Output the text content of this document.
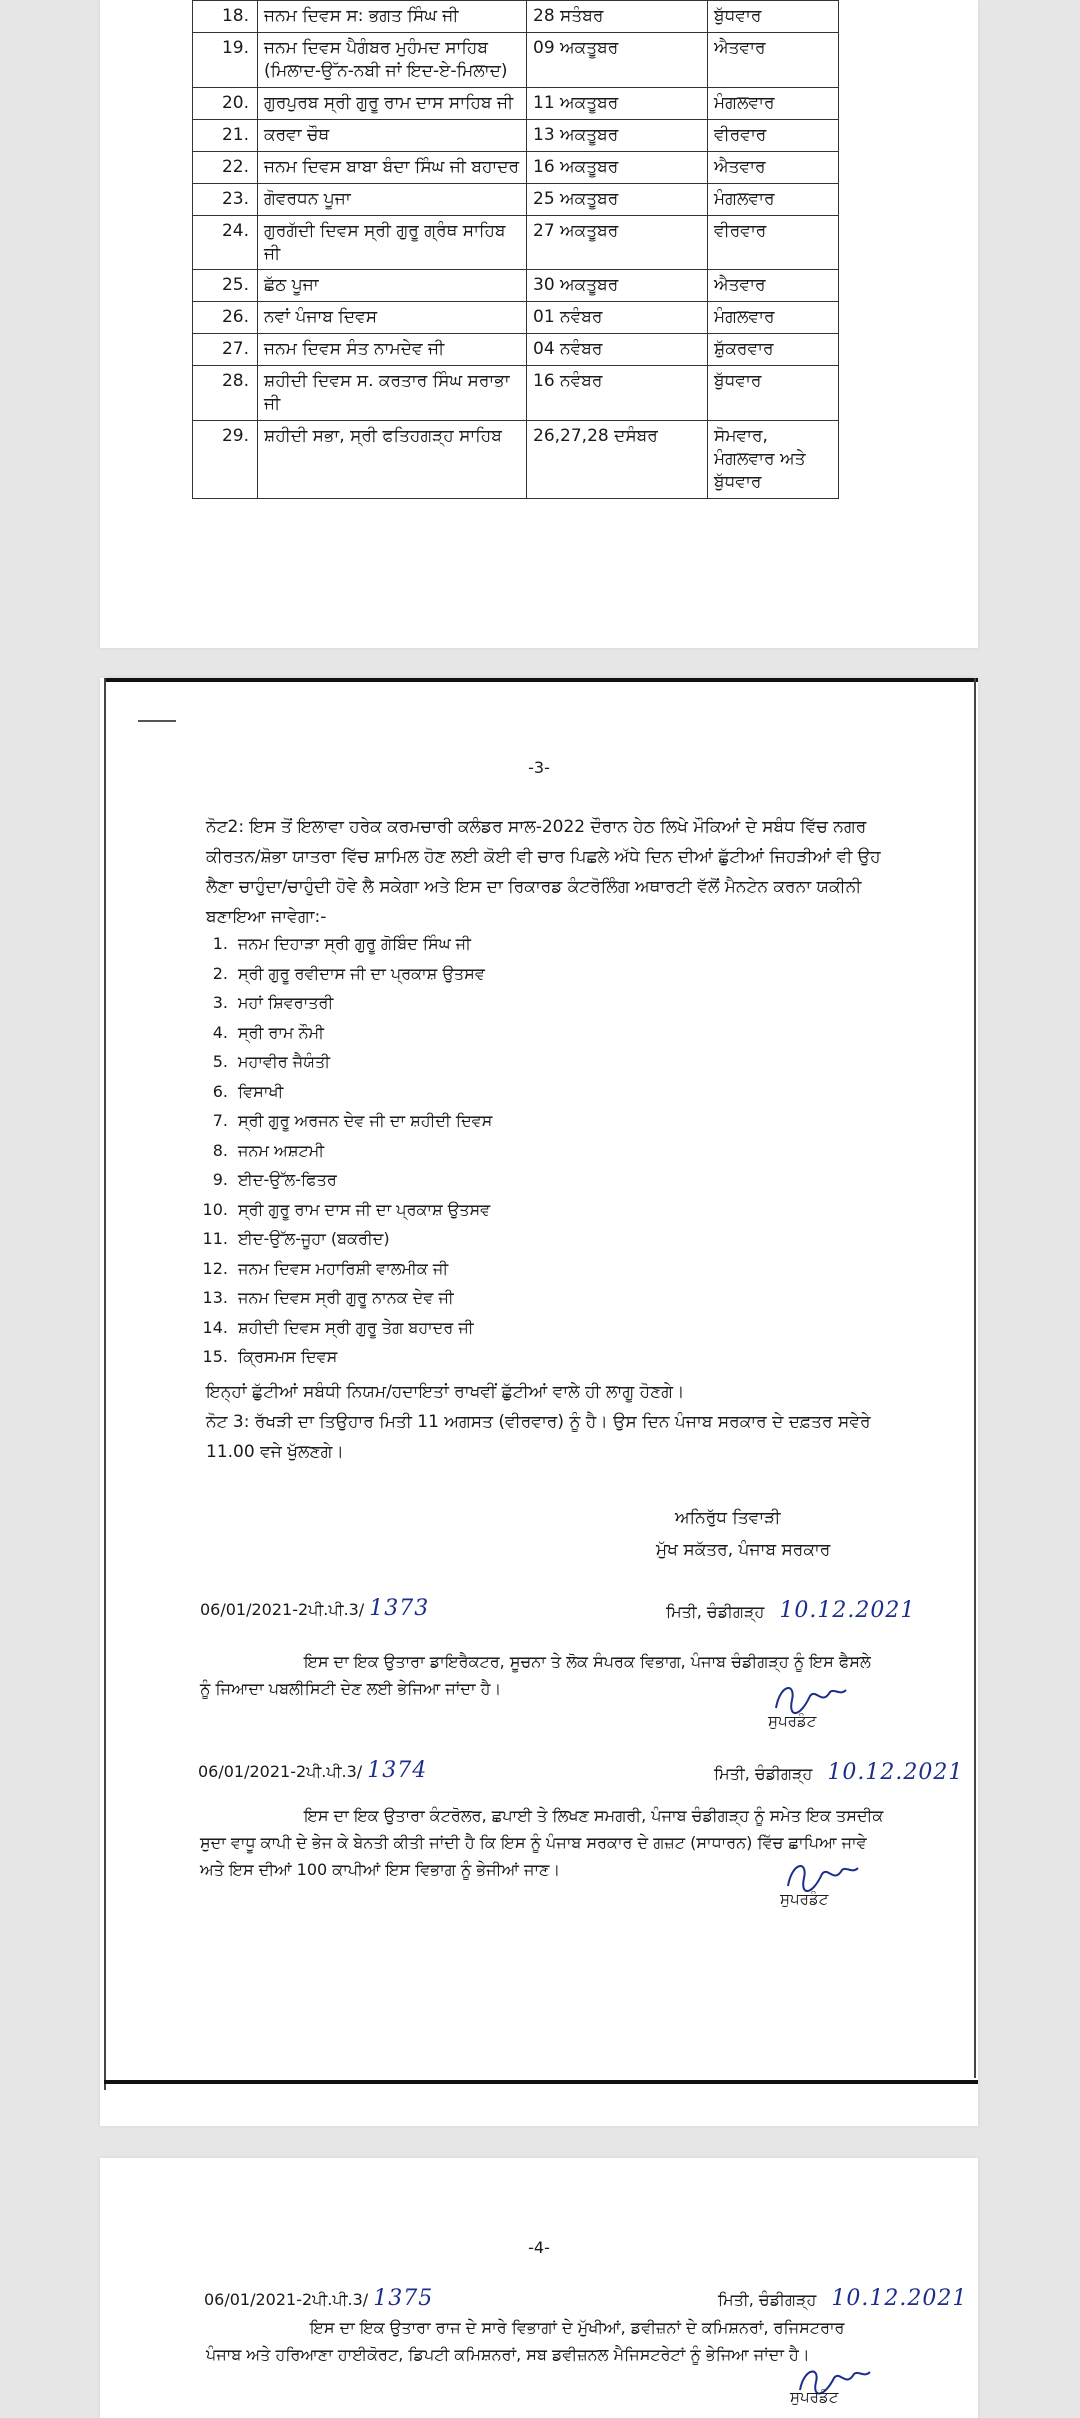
18.	ਜਨਮ ਦਿਵਸ ਸ: ਭਗਤ ਸਿੰਘ ਜੀ	28 ਸਤੰਬਰ	ਬੁੱਧਵਾਰ
19.	ਜਨਮ ਦਿਵਸ ਪੈਗੰਬਰ ਮੁਹੰਮਦ ਸਾਹਿਬ (ਮਿਲਾਦ-ਉੱਨ-ਨਬੀ ਜਾਂ ਇਦ-ਏ-ਮਿਲਾਦ)	09 ਅਕਤੂਬਰ	ਐਤਵਾਰ
20.	ਗੁਰਪੁਰਬ ਸ੍ਰੀ ਗੁਰੂ ਰਾਮ ਦਾਸ ਸਾਹਿਬ ਜੀ	11 ਅਕਤੂਬਰ	ਮੰਗਲਵਾਰ
21.	ਕਰਵਾ ਚੌਥ	13 ਅਕਤੂਬਰ	ਵੀਰਵਾਰ
22.	ਜਨਮ ਦਿਵਸ ਬਾਬਾ ਬੰਦਾ ਸਿੰਘ ਜੀ ਬਹਾਦਰ	16 ਅਕਤੂਬਰ	ਐਤਵਾਰ
23.	ਗੋਵਰਧਨ ਪੂਜਾ	25 ਅਕਤੂਬਰ	ਮੰਗਲਵਾਰ
24.	ਗੁਰਗੱਦੀ ਦਿਵਸ ਸ੍ਰੀ ਗੁਰੂ ਗ੍ਰੰਥ ਸਾਹਿਬ ਜੀ	27 ਅਕਤੂਬਰ	ਵੀਰਵਾਰ
25.	ਛੱਠ ਪੂਜਾ	30 ਅਕਤੂਬਰ	ਐਤਵਾਰ
26.	ਨਵਾਂ ਪੰਜਾਬ ਦਿਵਸ	01 ਨਵੰਬਰ	ਮੰਗਲਵਾਰ
27.	ਜਨਮ ਦਿਵਸ ਸੰਤ ਨਾਮਦੇਵ ਜੀ	04 ਨਵੰਬਰ	ਸ਼ੁੱਕਰਵਾਰ
28.	ਸ਼ਹੀਦੀ ਦਿਵਸ ਸ. ਕਰਤਾਰ ਸਿੰਘ ਸਰਾਭਾ ਜੀ	16 ਨਵੰਬਰ	ਬੁੱਧਵਾਰ
29.	ਸ਼ਹੀਦੀ ਸਭਾ, ਸ੍ਰੀ ਫਤਿਹਗੜ੍ਹ ਸਾਹਿਬ	26,27,28 ਦਸੰਬਰ	ਸੋਮਵਾਰ, ਮੰਗਲਵਾਰ ਅਤੇ ਬੁੱਧਵਾਰ
-3-
ਨੋਟ2: ਇਸ ਤੋਂ ਇਲਾਵਾ ਹਰੇਕ ਕਰਮਚਾਰੀ ਕਲੰਡਰ ਸਾਲ-2022 ਦੌਰਾਨ ਹੇਠ ਲਿਖੇ ਮੌਕਿਆਂ ਦੇ ਸਬੰਧ ਵਿੱਚ ਨਗਰ ਕੀਰਤਨ/ਸ਼ੋਭਾ ਯਾਤਰਾ ਵਿੱਚ ਸ਼ਾਮਿਲ ਹੋਣ ਲਈ ਕੋਈ ਵੀ ਚਾਰ ਪਿਛਲੇ ਅੱਧੇ ਦਿਨ ਦੀਆਂ ਛੁੱਟੀਆਂ ਜਿਹੜੀਆਂ ਵੀ ਉਹ ਲੈਣਾ ਚਾਹੁੰਦਾ/ਚਾਹੁੰਦੀ ਹੋਵੇ ਲੈ ਸਕੇਗਾ ਅਤੇ ਇਸ ਦਾ ਰਿਕਾਰਡ ਕੰਟਰੋਲਿੰਗ ਅਥਾਰਟੀ ਵੱਲੋਂ ਮੈਨਟੇਨ ਕਰਨਾ ਯਕੀਨੀ ਬਣਾਇਆ ਜਾਵੇਗਾ:-
1. ਜਨਮ ਦਿਹਾੜਾ ਸ੍ਰੀ ਗੁਰੂ ਗੋਬਿੰਦ ਸਿੰਘ ਜੀ
2. ਸ੍ਰੀ ਗੁਰੂ ਰਵੀਦਾਸ ਜੀ ਦਾ ਪ੍ਰਕਾਸ਼ ਉਤਸਵ
3. ਮਹਾਂ ਸ਼ਿਵਰਾਤਰੀ
4. ਸ੍ਰੀ ਰਾਮ ਨੌਮੀ
5. ਮਹਾਵੀਰ ਜੈਯੰਤੀ
6. ਵਿਸਾਖੀ
7. ਸ੍ਰੀ ਗੁਰੂ ਅਰਜਨ ਦੇਵ ਜੀ ਦਾ ਸ਼ਹੀਦੀ ਦਿਵਸ
8. ਜਨਮ ਅਸ਼ਟਮੀ
9. ਈਦ-ਉੱਲ-ਫਿਤਰ
10. ਸ੍ਰੀ ਗੁਰੂ ਰਾਮ ਦਾਸ ਜੀ ਦਾ ਪ੍ਰਕਾਸ਼ ਉਤਸਵ
11. ਈਦ-ਉੱਲ-ਜੂਹਾ (ਬਕਰੀਦ)
12. ਜਨਮ ਦਿਵਸ ਮਹਾਰਿਸ਼ੀ ਵਾਲਮੀਕ ਜੀ
13. ਜਨਮ ਦਿਵਸ ਸ੍ਰੀ ਗੁਰੂ ਨਾਨਕ ਦੇਵ ਜੀ
14. ਸ਼ਹੀਦੀ ਦਿਵਸ ਸ੍ਰੀ ਗੁਰੂ ਤੇਗ ਬਹਾਦਰ ਜੀ
15. ਕ੍ਰਿਸਮਸ ਦਿਵਸ
ਇਨ੍ਹਾਂ ਛੁੱਟੀਆਂ ਸਬੰਧੀ ਨਿਯਮ/ਹਦਾਇਤਾਂ ਰਾਖਵੀਂ ਛੁੱਟੀਆਂ ਵਾਲੇ ਹੀ ਲਾਗੂ ਹੋਣਗੇ।
ਨੋਟ 3: ਰੱਖੜੀ ਦਾ ਤਿਉਹਾਰ ਮਿਤੀ 11 ਅਗਸਤ (ਵੀਰਵਾਰ) ਨੂੰ ਹੈ। ਉਸ ਦਿਨ ਪੰਜਾਬ ਸਰਕਾਰ ਦੇ ਦਫ਼ਤਰ ਸਵੇਰੇ 11.00 ਵਜੇ ਖੁੱਲਣਗੇ।
ਅਨਿਰੁੱਧ ਤਿਵਾੜੀ
ਮੁੱਖ ਸਕੱਤਰ, ਪੰਜਾਬ ਸਰਕਾਰ
06/01/2021-2ਪੀ.ਪੀ.3/ 1373	ਮਿਤੀ, ਚੰਡੀਗੜ੍ਹ 10.12.2021
ਇਸ ਦਾ ਇਕ ਉਤਾਰਾ ਡਾਇਰੈਕਟਰ, ਸੂਚਨਾ ਤੇ ਲੋਕ ਸੰਪਰਕ ਵਿਭਾਗ, ਪੰਜਾਬ ਚੰਡੀਗੜ੍ਹ ਨੂੰ ਇਸ ਫੈਸਲੇ ਨੂੰ ਜਿਆਦਾ ਪਬਲੀਸਿਟੀ ਦੇਣ ਲਈ ਭੇਜਿਆ ਜਾਂਦਾ ਹੈ।
ਸੁਪਰਡੰਟ
06/01/2021-2ਪੀ.ਪੀ.3/ 1374	ਮਿਤੀ, ਚੰਡੀਗੜ੍ਹ 10.12.2021
ਇਸ ਦਾ ਇਕ ਉਤਾਰਾ ਕੰਟਰੋਲਰ, ਛਪਾਈ ਤੇ ਲਿਖਣ ਸਮਗਰੀ, ਪੰਜਾਬ ਚੰਡੀਗੜ੍ਹ ਨੂੰ ਸਮੇਤ ਇਕ ਤਸਦੀਕ ਸੁਦਾ ਵਾਧੂ ਕਾਪੀ ਦੇ ਭੇਜ ਕੇ ਬੇਨਤੀ ਕੀਤੀ ਜਾਂਦੀ ਹੈ ਕਿ ਇਸ ਨੂੰ ਪੰਜਾਬ ਸਰਕਾਰ ਦੇ ਗਜ਼ਟ (ਸਾਧਾਰਨ) ਵਿੱਚ ਛਾਪਿਆ ਜਾਵੇ ਅਤੇ ਇਸ ਦੀਆਂ 100 ਕਾਪੀਆਂ ਇਸ ਵਿਭਾਗ ਨੂੰ ਭੇਜੀਆਂ ਜਾਣ।
ਸੁਪਰਡੰਟ
-4-
06/01/2021-2ਪੀ.ਪੀ.3/ 1375	ਮਿਤੀ, ਚੰਡੀਗੜ੍ਹ 10.12.2021
ਇਸ ਦਾ ਇਕ ਉਤਾਰਾ ਰਾਜ ਦੇ ਸਾਰੇ ਵਿਭਾਗਾਂ ਦੇ ਮੁੱਖੀਆਂ, ਡਵੀਜ਼ਨਾਂ ਦੇ ਕਮਿਸ਼ਨਰਾਂ, ਰਜਿਸਟਰਾਰ ਪੰਜਾਬ ਅਤੇ ਹਰਿਆਣਾ ਹਾਈਕੋਰਟ, ਡਿਪਟੀ ਕਮਿਸ਼ਨਰਾਂ, ਸਬ ਡਵੀਜ਼ਨਲ ਮੈਜਿਸਟਰੇਟਾਂ ਨੂੰ ਭੇਜਿਆ ਜਾਂਦਾ ਹੈ।
ਸੁਪਰਡੰਟ
